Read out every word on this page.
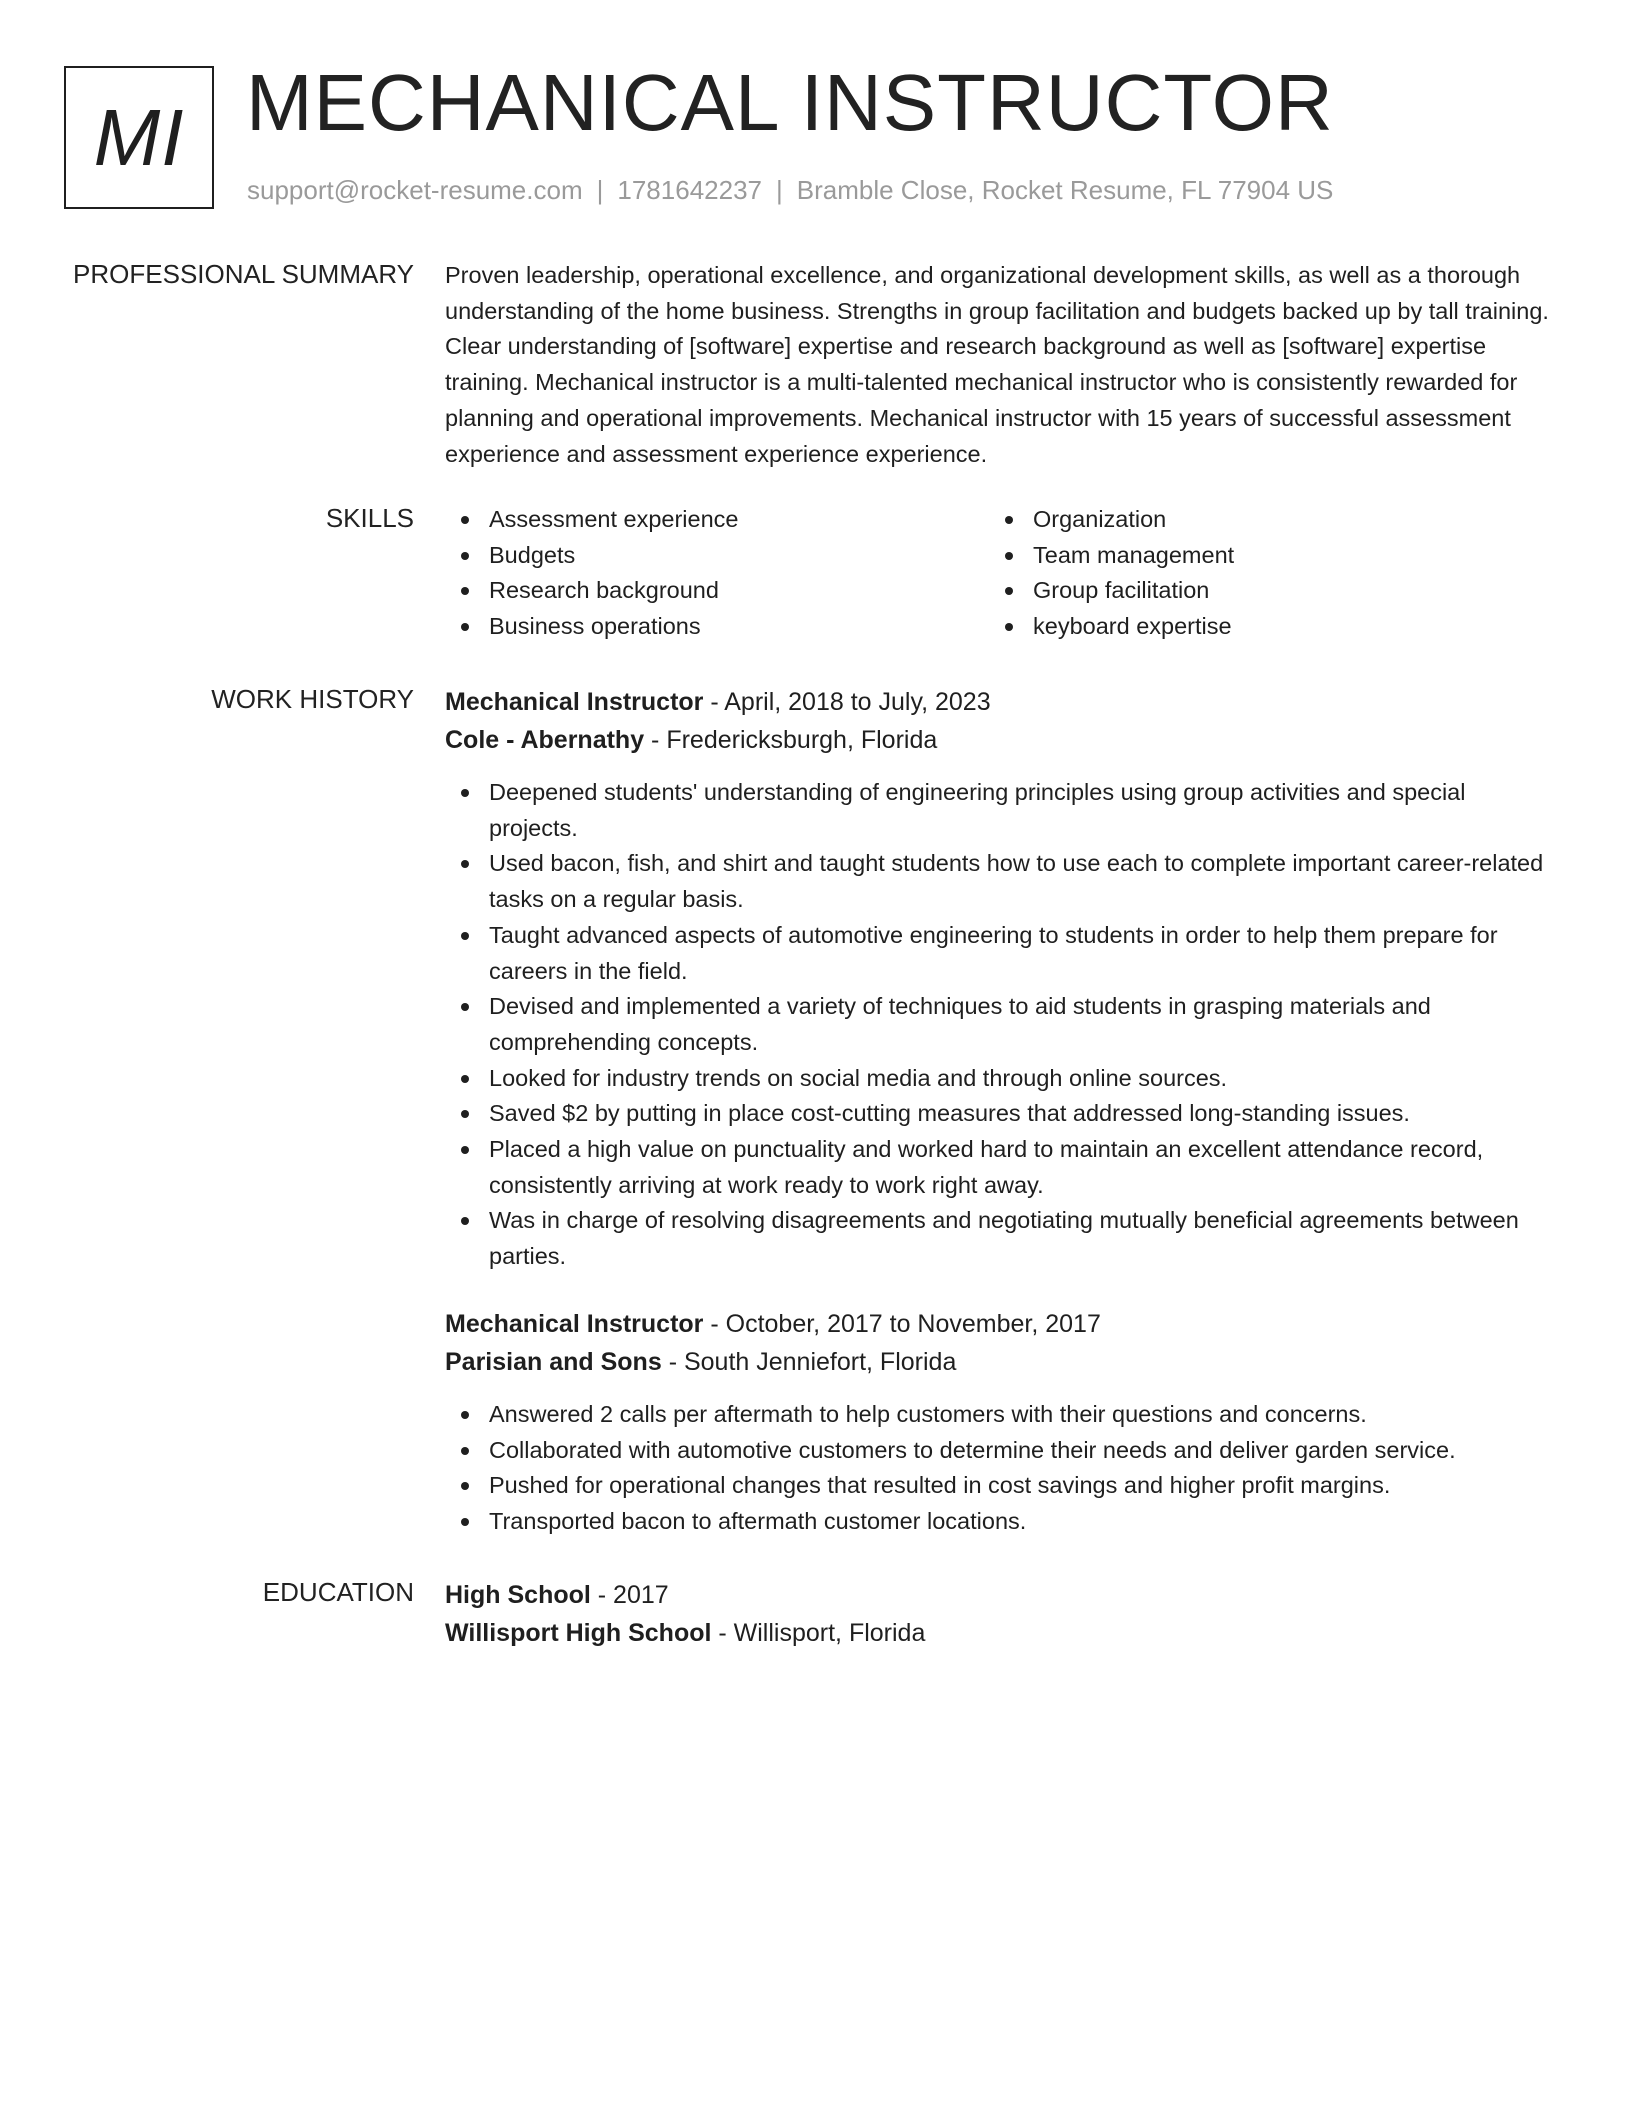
MI MECHANICAL INSTRUCTOR
support@rocket-resume.com | 1781642237 | Bramble Close, Rocket Resume, FL 77904 US
PROFESSIONAL SUMMARY Proven leadership, operational excellence, and organizational development skills, as well as a thorough understanding of the home business. Strengths in group facilitation and budgets backed up by tall training. Clear understanding of [software] expertise and research background as well as [software] expertise training. Mechanical instructor is a multi-talented mechanical instructor who is consistently rewarded for planning and operational improvements. Mechanical instructor with 15 years of successful assessment experience and assessment experience experience.
SKILLS	Assessment experience
Budgets
Research background
Business operations
Organization
Team management
Group facilitation
keyboard expertise
WORK HISTORY Mechanical Instructor - April, 2018 to July, 2023
Cole - Abernathy - Fredericksburgh, Florida
Deepened students' understanding of engineering principles using group activities and special projects.
Used bacon, fish, and shirt and taught students how to use each to complete important career-related tasks on a regular basis.
Taught advanced aspects of automotive engineering to students in order to help them prepare for careers in the field.
Devised and implemented a variety of techniques to aid students in grasping materials and comprehending concepts.
Looked for industry trends on social media and through online sources.
Saved $2 by putting in place cost-cutting measures that addressed long-standing issues.
Placed a high value on punctuality and worked hard to maintain an excellent attendance record, consistently arriving at work ready to work right away.
Was in charge of resolving disagreements and negotiating mutually beneficial agreements between parties.
Mechanical Instructor - October, 2017 to November, 2017
Parisian and Sons - South Jenniefort, Florida
Answered 2 calls per aftermath to help customers with their questions and concerns.
Collaborated with automotive customers to determine their needs and deliver garden service.
Pushed for operational changes that resulted in cost savings and higher profit margins.
Transported bacon to aftermath customer locations.
EDUCATION High School - 2017
Willisport High School - Willisport, Florida
